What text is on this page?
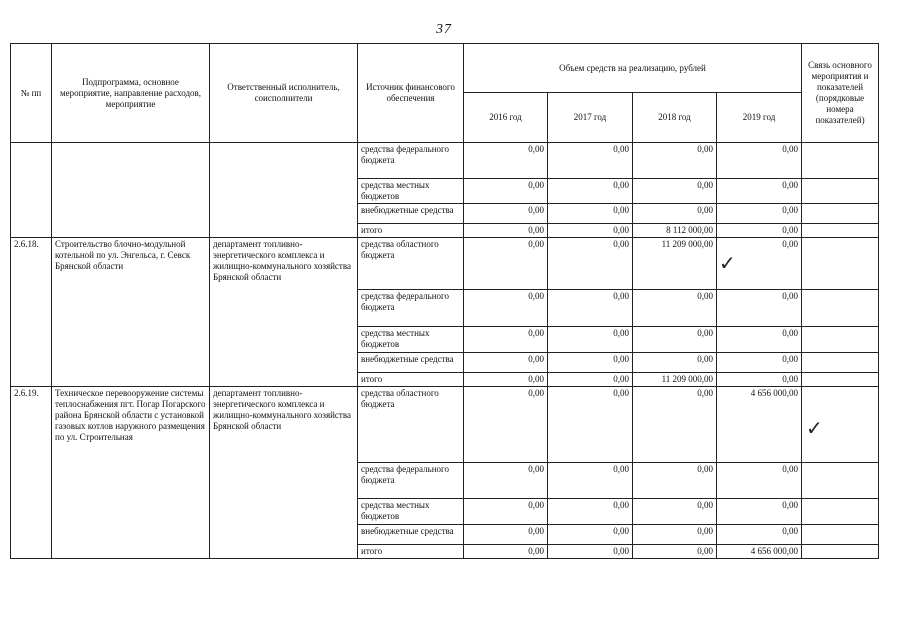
37
№ пп	Подпрограмма, основное мероприятие, направление расходов, мероприятие	Ответственный исполнитель, соисполнители	Источник финансового обеспечения	Объем средств на реализацию, рублей				Связь основного мероприятия и показателей (порядковые номера показателей)
				2016 год	2017 год	2018 год	2019 год	
			средства федерального бюджета	0,00	0,00	0,00	0,00	
			средства местных бюджетов	0,00	0,00	0,00	0,00	
			внебюджетные средства	0,00	0,00	0,00	0,00	
			итого	0,00	0,00	8 112 000,00	0,00	
2.6.18.	Строительство блочно-модульной котельной по ул. Энгельса, г. Севск Брянской области	департамент топливно-энергетического комплекса и жилищно-коммунального хозяйства Брянской области	средства областного бюджета	0,00	0,00	11 209 000,00	0,00	
			средства федерального бюджета	0,00	0,00	0,00	0,00	
			средства местных бюджетов	0,00	0,00	0,00	0,00	
			внебюджетные средства	0,00	0,00	0,00	0,00	
			итого	0,00	0,00	11 209 000,00	0,00	
2.6.19.	Техническое перевооружение системы теплоснабжения пгт. Погар Погарского района Брянской области с установкой газовых котлов наружного размещения по ул. Строительная	департамент топливно-энергетического комплекса и жилищно-коммунального хозяйства Брянской области	средства областного бюджета	0,00	0,00	0,00	4 656 000,00	
			средства федерального бюджета	0,00	0,00	0,00	0,00	
			средства местных бюджетов	0,00	0,00	0,00	0,00	
			внебюджетные средства	0,00	0,00	0,00	0,00	
			итого	0,00	0,00	0,00	4 656 000,00	
✓
✓
